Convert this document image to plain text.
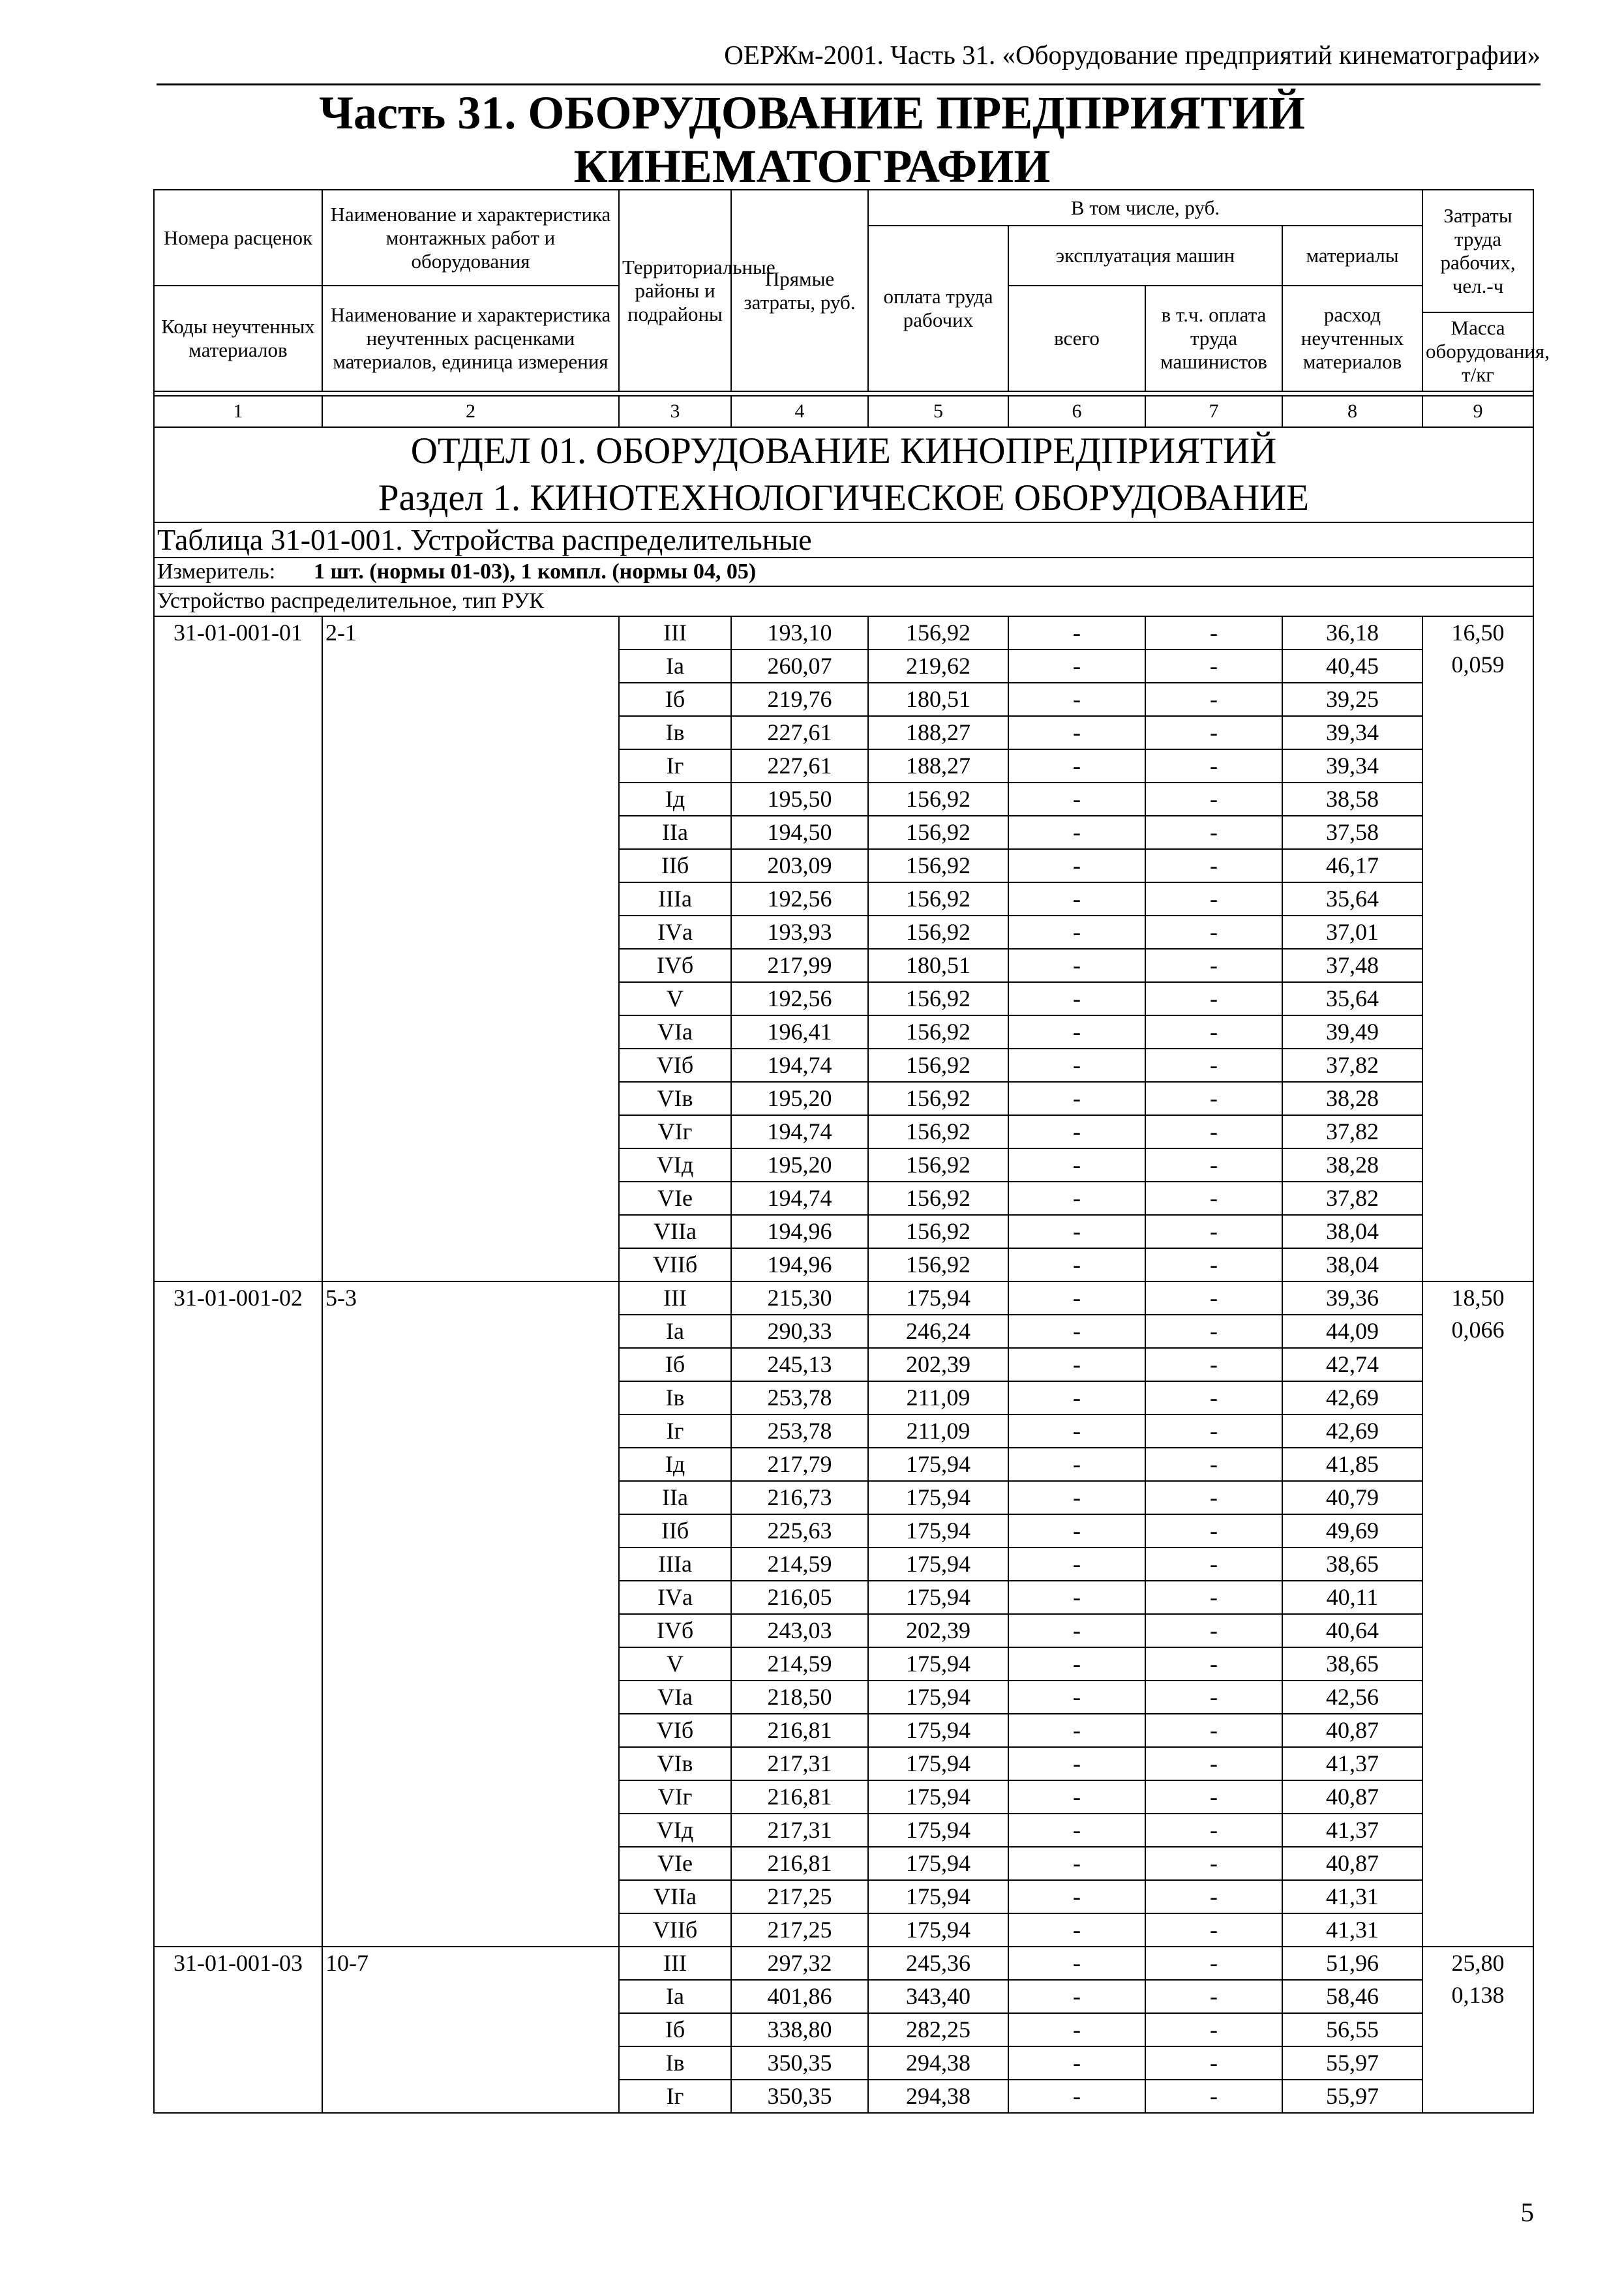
ОЕРЖм-2001. Часть 31. «Оборудование предприятий кинематографии»
Часть 31. ОБОРУДОВАНИЕ ПРЕДПРИЯТИЙ
КИНЕМАТОГРАФИИ
Номера расценок	Наименование и характеристика монтажных работ и оборудования	Территориальные районы и подрайоны	Прямые затраты, руб.	В том числе, руб.				Затраты труда рабочих, чел.-ч
				оплата труда рабочих	эксплуатация машин		материалы	
Коды неучтенных материалов	Наименование и характеристика неучтенных расценками материалов, единица измерения				всего	в т.ч. оплата труда машинистов	расход неучтенных материалов	
								Масса оборудования, т/кг

1	2	3	4	5	6	7	8	9

ОТДЕЛ 01. ОБОРУДОВАНИЕ КИНОПРЕДПРИЯТИЙ
Раздел 1. КИНОТЕХНОЛОГИЧЕСКОЕ ОБОРУДОВАНИЕ								

Таблица 31-01-001. Устройства распределительные								
Измеритель: 1 шт. (нормы 01-03), 1 компл. (нормы 04, 05)								
Устройство распределительное, тип РУК								
31-01-001-01	2-1	III	193,10	156,92	-	-	36,18	16,50
0,059

		Iа	260,07	219,62	-	-	40,45	
		Iб	219,76	180,51	-	-	39,25	
		Iв	227,61	188,27	-	-	39,34	
		Iг	227,61	188,27	-	-	39,34	
		Iд	195,50	156,92	-	-	38,58	
		IIа	194,50	156,92	-	-	37,58	
		IIб	203,09	156,92	-	-	46,17	
		IIIа	192,56	156,92	-	-	35,64	
		IVа	193,93	156,92	-	-	37,01	
		IVб	217,99	180,51	-	-	37,48	
		V	192,56	156,92	-	-	35,64	
		VIа	196,41	156,92	-	-	39,49	
		VIб	194,74	156,92	-	-	37,82	
		VIв	195,20	156,92	-	-	38,28	
		VIг	194,74	156,92	-	-	37,82	
		VIд	195,20	156,92	-	-	38,28	
		VIе	194,74	156,92	-	-	37,82	
		VIIа	194,96	156,92	-	-	38,04	
		VIIб	194,96	156,92	-	-	38,04	
31-01-001-02	5-3	III	215,30	175,94	-	-	39,36	18,50
0,066

		Iа	290,33	246,24	-	-	44,09	
		Iб	245,13	202,39	-	-	42,74	
		Iв	253,78	211,09	-	-	42,69	
		Iг	253,78	211,09	-	-	42,69	
		Iд	217,79	175,94	-	-	41,85	
		IIа	216,73	175,94	-	-	40,79	
		IIб	225,63	175,94	-	-	49,69	
		IIIа	214,59	175,94	-	-	38,65	
		IVа	216,05	175,94	-	-	40,11	
		IVб	243,03	202,39	-	-	40,64	
		V	214,59	175,94	-	-	38,65	
		VIа	218,50	175,94	-	-	42,56	
		VIб	216,81	175,94	-	-	40,87	
		VIв	217,31	175,94	-	-	41,37	
		VIг	216,81	175,94	-	-	40,87	
		VIд	217,31	175,94	-	-	41,37	
		VIе	216,81	175,94	-	-	40,87	
		VIIа	217,25	175,94	-	-	41,31	
		VIIб	217,25	175,94	-	-	41,31	
31-01-001-03	10-7	III	297,32	245,36	-	-	51,96	25,80
0,138

		Iа	401,86	343,40	-	-	58,46	
		Iб	338,80	282,25	-	-	56,55	
		Iв	350,35	294,38	-	-	55,97	
		Iг	350,35	294,38	-	-	55,97	
5
